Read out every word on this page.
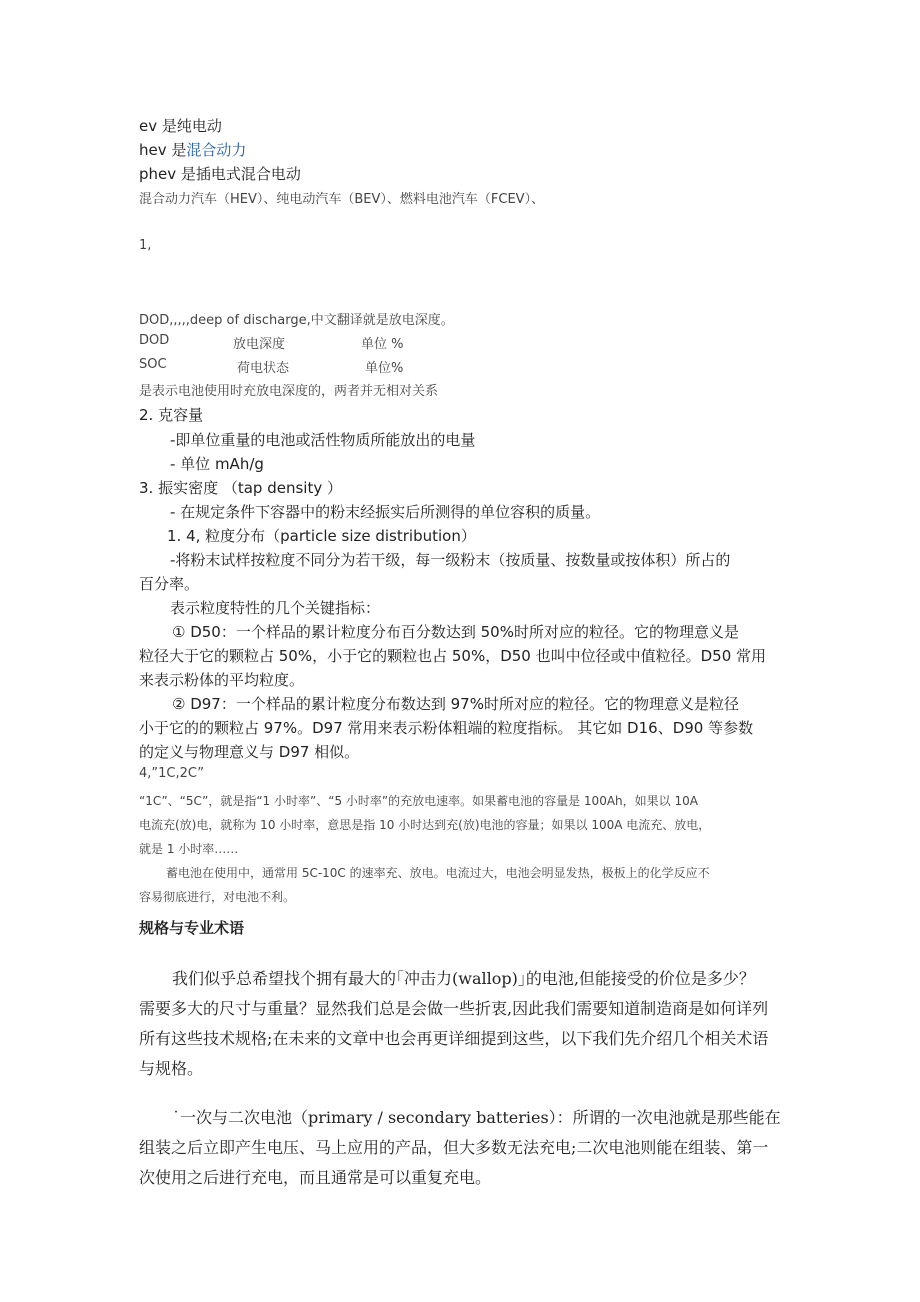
ev 是纯电动

hev 是混合动力

phev 是插电式混合电动

混合动力汽车（HEV）、纯电动汽车（BEV）、燃料电池汽车（FCEV）、

1,

DOD,,,,,deep of discharge,中文翻译就是放电深度。

DOD	放电深度	单位 %
SOC	荷电状态	单位%

是表示电池使用时充放电深度的，两者并无相对关系

2. 克容量

-即单位重量的电池或活性物质所能放出的电量

- 单位 mAh/g

3. 振实密度 （tap density ）

- 在规定条件下容器中的粉末经振实后所测得的单位容积的质量。

1. 4, 粒度分布（particle size distribution）

-将粉末试样按粒度不同分为若干级，每一级粉末（按质量、按数量或按体积）所占的

百分率。

表示粒度特性的几个关键指标：

① D50：一个样品的累计粒度分布百分数达到 50%时所对应的粒径。它的物理意义是

粒径大于它的颗粒占 50%，小于它的颗粒也占 50%，D50 也叫中位径或中值粒径。D50 常用

来表示粉体的平均粒度。

② D97：一个样品的累计粒度分布数达到 97%时所对应的粒径。它的物理意义是粒径

小于它的的颗粒占 97%。D97 常用来表示粉体粗端的粒度指标。 其它如 D16、D90 等参数

的定义与物理意义与 D97 相似。

4,”1C,2C”

“1C”、“5C”，就是指“1 小时率”、“5 小时率”的充放电速率。如果蓄电池的容量是 100Ah，如果以 10A

电流充(放)电，就称为 10 小时率，意思是指 10 小时达到充(放)电池的容量；如果以 100A 电流充、放电，

就是 1 小时率……

蓄电池在使用中，通常用 5C-10C 的速率充、放电。电流过大，电池会明显发热，极板上的化学反应不

容易彻底进行，对电池不利。

规格与专业术语

我们似乎总希望找个拥有最大的｢冲击力(wallop)｣的电池,但能接受的价位是多少？

需要多大的尺寸与重量？显然我们总是会做一些折衷,因此我们需要知道制造商是如何详列

所有这些技术规格;在未来的文章中也会再更详细提到这些，以下我们先介绍几个相关术语

与规格。

˙一次与二次电池（primary / secondary batteries）：所谓的一次电池就是那些能在

组装之后立即产生电压、马上应用的产品，但大多数无法充电;二次电池则能在组装、第一

次使用之后进行充电，而且通常是可以重复充电。
